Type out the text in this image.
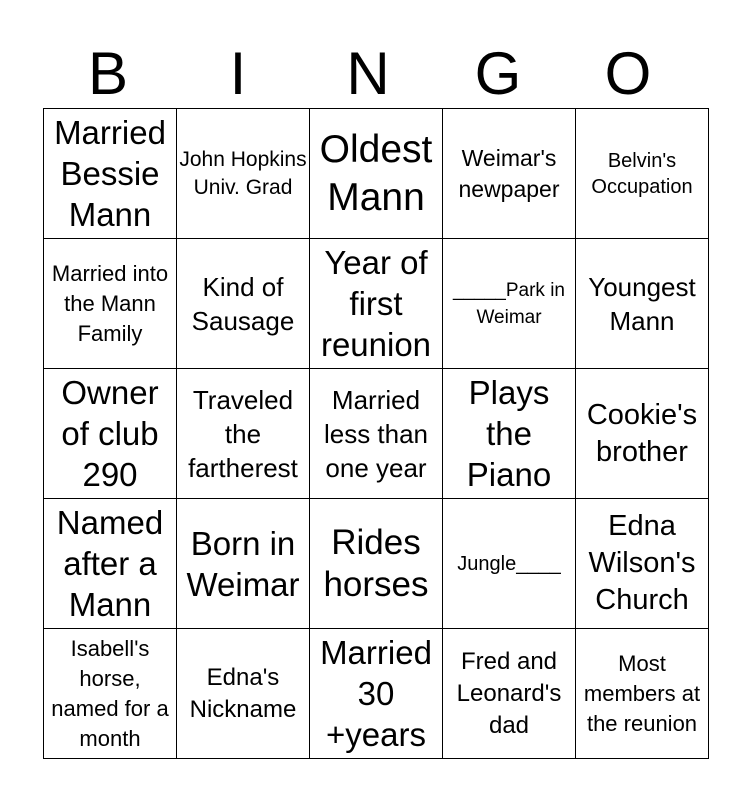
B	I	N	G	O
Married Bessie Mann	John Hopkins Univ. Grad	Oldest Mann	Weimar's newpaper	Belvin's Occupation

Married into the Mann Family	Kind of Sausage	Year of first reunion	_____Park in Weimar	Youngest Mann

Owner of club 290	Traveled the fartherest	Married less than one year	Plays the Piano	Cookie's brother

Named after a Mann	Born in Weimar	Rides horses	Jungle____	Edna Wilson's Church

Isabell's horse, named for a month	Edna's Nickname	Married 30 +years	Fred and Leonard's dad	Most members at the reunion
